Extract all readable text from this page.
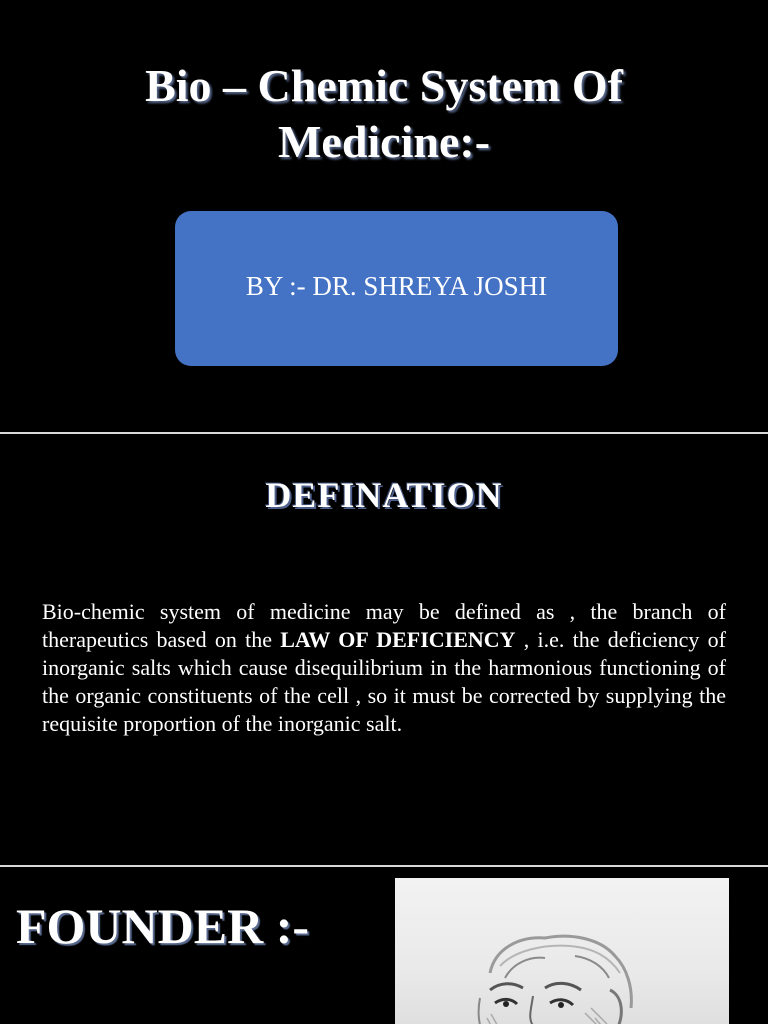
Bio – Chemic System Of
Medicine:-
BY :- DR. SHREYA JOSHI
DEFINATION
Bio-chemic system of medicine may be defined as , the branch of therapeutics based on the LAW OF DEFICIENCY , i.e. the deficiency of inorganic salts which cause disequilibrium in the harmonious functioning of the organic constituents of the cell , so it must be corrected by supplying the requisite proportion of the inorganic salt.
FOUNDER :-
